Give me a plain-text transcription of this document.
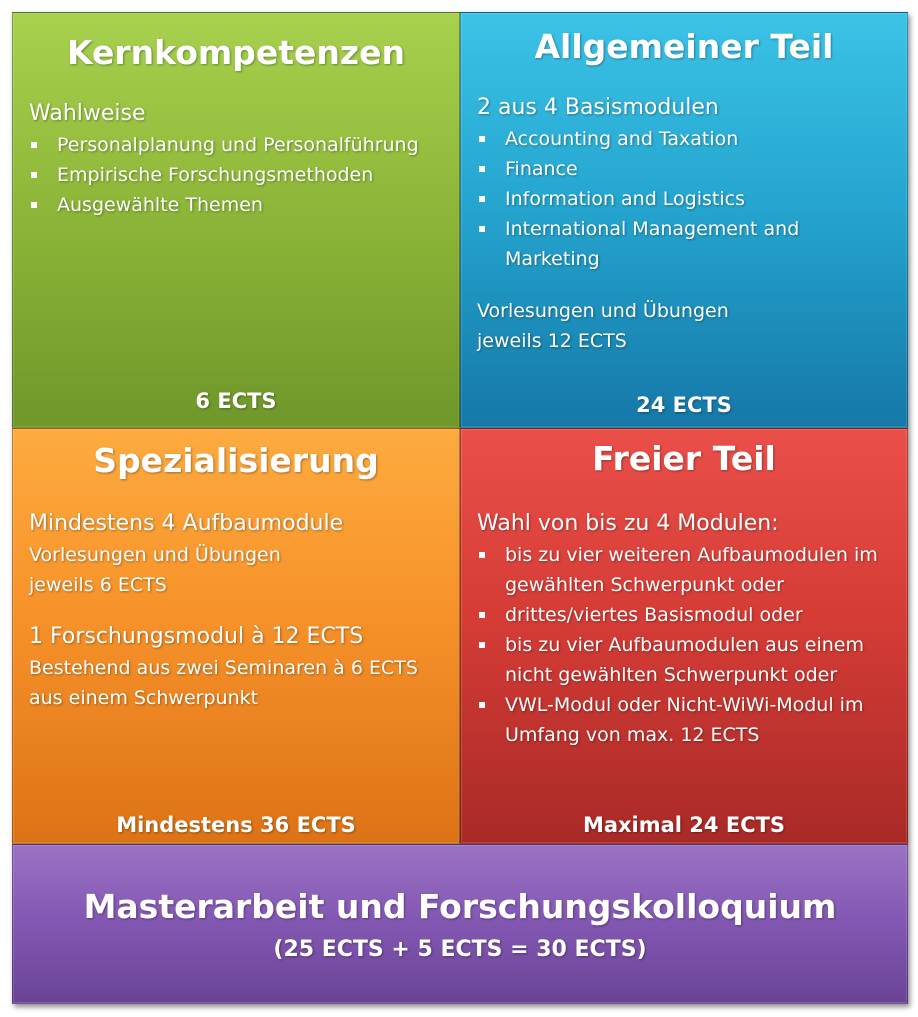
Kernkompetenzen
Wahlweise
Personalplanung und Personalführung
Empirische Forschungsmethoden
Ausgewählte Themen
6 ECTS
Allgemeiner Teil
2 aus 4 Basismodulen
Accounting and Taxation
Finance
Information and Logistics
International Management and Marketing

Vorlesungen und Übungen

jeweils 12 ECTS

24 ECTS
Spezialisierung
Mindestens 4 Aufbaumodule

Vorlesungen und Übungen

jeweils 6 ECTS

1 Forschungsmodul à 12 ECTS

Bestehend aus zwei Seminaren à 6 ECTS

aus einem Schwerpunkt

Mindestens 36 ECTS
Freier Teil
Wahl von bis zu 4 Modulen:
bis zu vier weiteren Aufbaumodulen im gewählten Schwerpunkt oder
drittes/viertes Basismodul oder
bis zu vier Aufbaumodulen aus einem nicht gewählten Schwerpunkt oder
VWL-Modul oder Nicht-WiWi-Modul im Umfang von max. 12 ECTS
Maximal 24 ECTS
Masterarbeit und Forschungskolloquium
(25 ECTS + 5 ECTS = 30 ECTS)
